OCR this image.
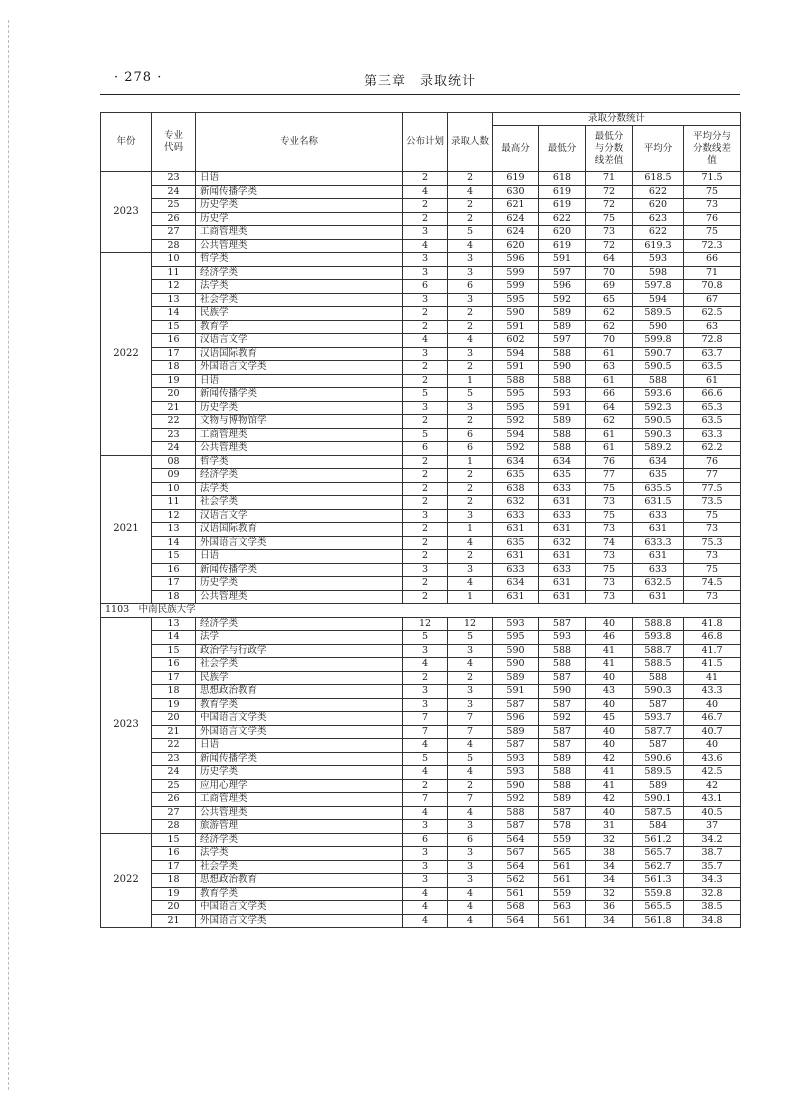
· 278 ·	第三章　录取统计
年份	专业代码	专业名称	公布计划	录取人数	录取分数统计				
					最高分	最低分	最低分与分数线差值	平均分	平均分与分数线差值
2023	23	日语	2	2	619	618	71	618.5	71.5
	24	新闻传播学类	4	4	630	619	72	622	75
	25	历史学类	2	2	621	619	72	620	73
	26	历史学	2	2	624	622	75	623	76
	27	工商管理类	3	5	624	620	73	622	75
	28	公共管理类	4	4	620	619	72	619.3	72.3
2022	10	哲学类	3	3	596	591	64	593	66
	11	经济学类	3	3	599	597	70	598	71
	12	法学类	6	6	599	596	69	597.8	70.8
	13	社会学类	3	3	595	592	65	594	67
	14	民族学	2	2	590	589	62	589.5	62.5
	15	教育学	2	2	591	589	62	590	63
	16	汉语言文学	4	4	602	597	70	599.8	72.8
	17	汉语国际教育	3	3	594	588	61	590.7	63.7
	18	外国语言文学类	2	2	591	590	63	590.5	63.5
	19	日语	2	1	588	588	61	588	61
	20	新闻传播学类	5	5	595	593	66	593.6	66.6
	21	历史学类	3	3	595	591	64	592.3	65.3
	22	文物与博物馆学	2	2	592	589	62	590.5	63.5
	23	工商管理类	5	6	594	588	61	590.3	63.3
	24	公共管理类	6	6	592	588	61	589.2	62.2
2021	08	哲学类	2	1	634	634	76	634	76
	09	经济学类	2	2	635	635	77	635	77
	10	法学类	2	2	638	633	75	635.5	77.5
	11	社会学类	2	2	632	631	73	631.5	73.5
	12	汉语言文学	3	3	633	633	75	633	75
	13	汉语国际教育	2	1	631	631	73	631	73
	14	外国语言文学类	2	4	635	632	74	633.3	75.3
	15	日语	2	2	631	631	73	631	73
	16	新闻传播学类	3	3	633	633	75	633	75
	17	历史学类	2	4	634	631	73	632.5	74.5
	18	公共管理类	2	1	631	631	73	631	73
1103　中南民族大学									
2023	13	经济学类	12	12	593	587	40	588.8	41.8
	14	法学	5	5	595	593	46	593.8	46.8
	15	政治学与行政学	3	3	590	588	41	588.7	41.7
	16	社会学类	4	4	590	588	41	588.5	41.5
	17	民族学	2	2	589	587	40	588	41
	18	思想政治教育	3	3	591	590	43	590.3	43.3
	19	教育学类	3	3	587	587	40	587	40
	20	中国语言文学类	7	7	596	592	45	593.7	46.7
	21	外国语言文学类	7	7	589	587	40	587.7	40.7
	22	日语	4	4	587	587	40	587	40
	23	新闻传播学类	5	5	593	589	42	590.6	43.6
	24	历史学类	4	4	593	588	41	589.5	42.5
	25	应用心理学	2	2	590	588	41	589	42
	26	工商管理类	7	7	592	589	42	590.1	43.1
	27	公共管理类	4	4	588	587	40	587.5	40.5
	28	旅游管理	3	3	587	578	31	584	37
2022	15	经济学类	6	6	564	559	32	561.2	34.2
	16	法学类	3	3	567	565	38	565.7	38.7
	17	社会学类	3	3	564	561	34	562.7	35.7
	18	思想政治教育	3	3	562	561	34	561.3	34.3
	19	教育学类	4	4	561	559	32	559.8	32.8
	20	中国语言文学类	4	4	568	563	36	565.5	38.5
	21	外国语言文学类	4	4	564	561	34	561.8	34.8
